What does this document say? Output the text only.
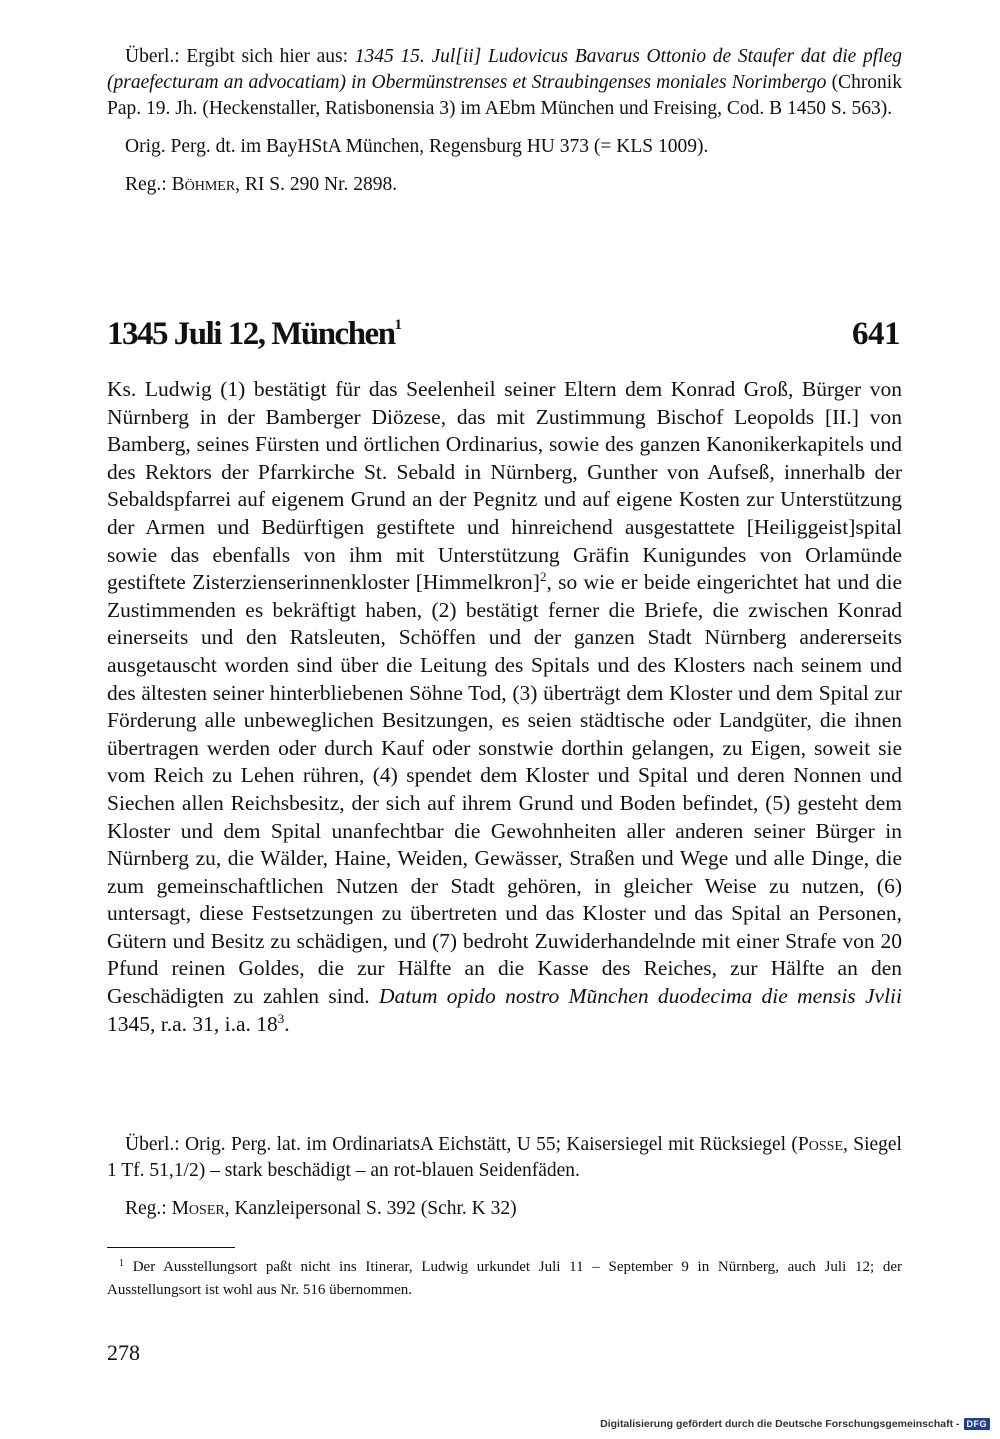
Überl.: Ergibt sich hier aus: 1345 15. Jul[ii] Ludovicus Bavarus Ottonio de Staufer dat die pfleg (praefecturam an advocatiam) in Obermünstrenses et Straubingenses moniales Norimbergo (Chronik Pap. 19. Jh. (Heckenstaller, Ratisbonensia 3) im AEbm München und Freising, Cod. B 1450 S. 563).

Orig. Perg. dt. im BayHStA München, Regensburg HU 373 (= KLS 1009).

Reg.: Böhmer, RI S. 290 Nr. 2898.

1345 Juli 12, München$^1$	641

Ks. Ludwig (1) bestätigt für das Seelenheil seiner Eltern dem Konrad Groß, Bürger von Nürnberg in der Bamberger Diözese, das mit Zustimmung Bischof Leopolds [II.] von Bamberg, seines Fürsten und örtlichen Ordinarius, sowie des ganzen Kanonikerkapitels und des Rektors der Pfarrkirche St. Sebald in Nürnberg, Gunther von Aufseß, innerhalb der Sebaldspfarrei auf eigenem Grund an der Pegnitz und auf eigene Kosten zur Unterstützung der Armen und Bedürftigen gestiftete und hinreichend ausgestattete [Heiliggeist]spital sowie das ebenfalls von ihm mit Unterstützung Gräfin Kunigundes von Orlamünde gestiftete Zisterzienserinnenkloster [Himmelkron]$^2$, so wie er beide eingerichtet hat und die Zustimmenden es bekräftigt haben, (2) bestätigt ferner die Briefe, die zwischen Konrad einerseits und den Ratsleuten, Schöffen und der ganzen Stadt Nürnberg andererseits ausgetauscht worden sind über die Leitung des Spitals und des Klosters nach seinem und des ältesten seiner hinterbliebenen Söhne Tod, (3) überträgt dem Kloster und dem Spital zur Förderung alle unbeweglichen Besitzungen, es seien städtische oder Landgüter, die ihnen übertragen werden oder durch Kauf oder sonstwie dorthin gelangen, zu Eigen, soweit sie vom Reich zu Lehen rühren, (4) spendet dem Kloster und Spital und deren Nonnen und Siechen allen Reichsbesitz, der sich auf ihrem Grund und Boden befindet, (5) gesteht dem Kloster und dem Spital unanfechtbar die Gewohnheiten aller anderen seiner Bürger in Nürnberg zu, die Wälder, Haine, Weiden, Gewässer, Straßen und Wege und alle Dinge, die zum gemeinschaftlichen Nutzen der Stadt gehören, in gleicher Weise zu nutzen, (6) untersagt, diese Festsetzungen zu übertreten und das Kloster und das Spital an Personen, Gütern und Besitz zu schädigen, und (7) bedroht Zuwiderhandelnde mit einer Strafe von 20 Pfund reinen Goldes, die zur Hälfte an die Kasse des Reiches, zur Hälfte an den Geschädigten zu zahlen sind. Datum opido nostro Mu͂nchen duodecima die mensis Jvlii 1345, r.a. 31, i.a. $18^3$.

Überl.: Orig. Perg. lat. im OrdinariatsA Eichstätt, U 55; Kaisersiegel mit Rücksiegel (Posse, Siegel 1 Tf. 51,1/2) – stark beschädigt – an rot-blauen Seidenfäden.

Reg.: Moser, Kanzleipersonal S. 392 (Schr. K 32)

$^1$ Der Ausstellungsort paßt nicht ins Itinerar, Ludwig urkundet Juli 11 – September 9 in Nürnberg, auch Juli 12; der Ausstellungsort ist wohl aus Nr. 516 übernommen.

278
Digitalisierung gefördert durch die Deutsche Forschungsgemeinschaft - DFG
